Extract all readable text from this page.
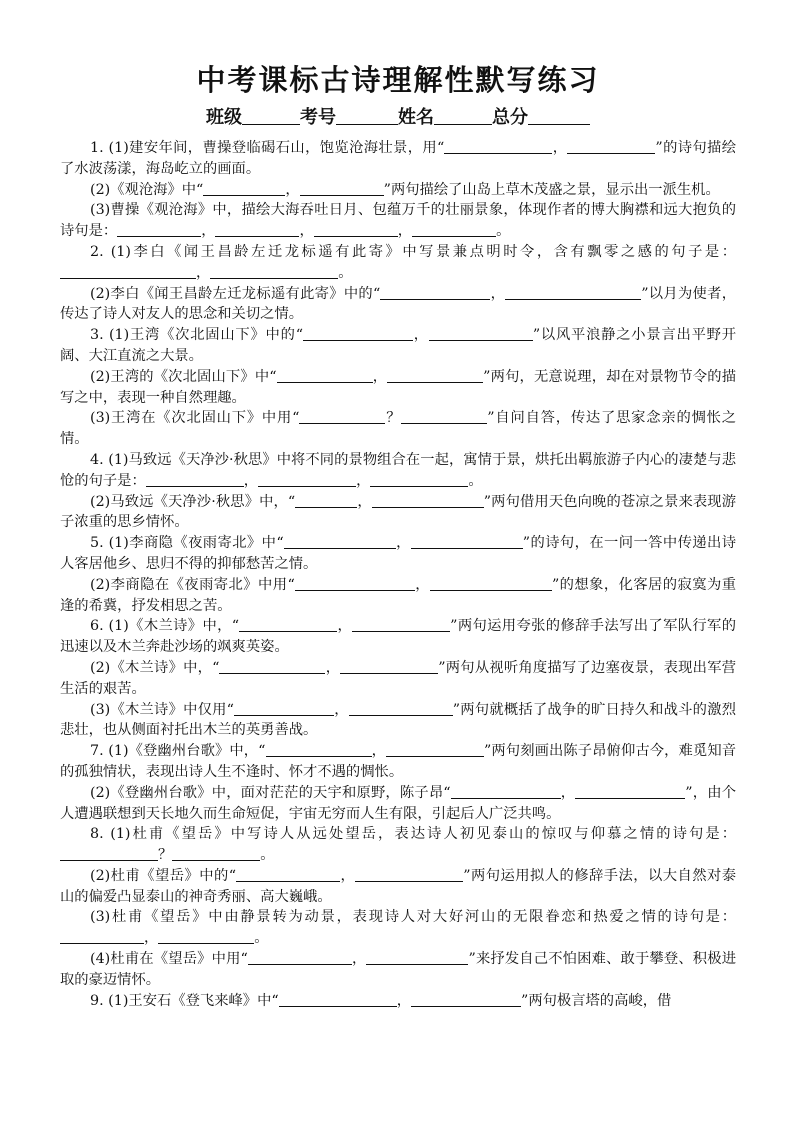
中考课标古诗理解性默写练习
班级	考号	姓名	总分

1. (1)建安年间，曹操登临碣石山，饱览沧海壮景，用“	，	”的诗句描绘了水波荡漾，海岛屹立的画面。

(2)《观沧海》中“	，	”两句描绘了山岛上草木茂盛之景，显示出一派生机。

(3)曹操《观沧海》中，描绘大海吞吐日月、包蕴万千的壮丽景象，体现作者的博大胸襟和远大抱负的诗句是：	，	，	，	。

2. (1)李白《闻王昌龄左迁龙标遥有此寄》中写景兼点明时令，含有飘零之感的句子是：，	。

(2)李白《闻王昌龄左迁龙标遥有此寄》中的“	，	”以月为使者，传达了诗人对友人的思念和关切之情。

3. (1)王湾《次北固山下》中的“	，	”以风平浪静之小景言出平野开阔、大江直流之大景。

(2)王湾的《次北固山下》中“	，	”两句，无意说理，却在对景物节令的描写之中，表现一种自然理趣。

(3)王湾在《次北固山下》中用“	？	”自问自答，传达了思家念亲的惆怅之情。

4. (1)马致远《天净沙·秋思》中将不同的景物组合在一起，寓情于景，烘托出羁旅游子内心的凄楚与悲怆的句子是：	，	，	。

(2)马致远《天净沙·秋思》中，“	，	”两句借用天色向晚的苍凉之景来表现游子浓重的思乡情怀。

5. (1)李商隐《夜雨寄北》中“	，	”的诗句，在一问一答中传递出诗人客居他乡、思归不得的抑郁愁苦之情。

(2)李商隐在《夜雨寄北》中用“	，	”的想象，化客居的寂寞为重逢的希冀，抒发相思之苦。

6. (1)《木兰诗》中，“	，	”两句运用夸张的修辞手法写出了军队行军的迅速以及木兰奔赴沙场的飒爽英姿。

(2)《木兰诗》中，“	，	”两句从视听角度描写了边塞夜景，表现出军营生活的艰苦。

(3)《木兰诗》中仅用“	，	”两句就概括了战争的旷日持久和战斗的激烈悲壮，也从侧面衬托出木兰的英勇善战。

7. (1)《登幽州台歌》中，“	，	”两句刻画出陈子昂俯仰古今，难觅知音的孤独情状，表现出诗人生不逢时、怀才不遇的惆怅。

(2)《登幽州台歌》中，面对茫茫的天宇和原野，陈子昂“	，	”，由个人遭遇联想到天长地久而生命短促，宇宙无穷而人生有限，引起后人广泛共鸣。

8. (1)杜甫《望岳》中写诗人从远处望岳，表达诗人初见泰山的惊叹与仰慕之情的诗句是：？	。

(2)杜甫《望岳》中的“	，	”两句运用拟人的修辞手法，以大自然对泰山的偏爱凸显泰山的神奇秀丽、高大巍峨。

(3)杜甫《望岳》中由静景转为动景，表现诗人对大好河山的无限眷恋和热爱之情的诗句是：，	。

(4)杜甫在《望岳》中用“	，	”来抒发自己不怕困难、敢于攀登、积极进取的豪迈情怀。

9. (1)王安石《登飞来峰》中“	，	”两句极言塔的高峻，借
